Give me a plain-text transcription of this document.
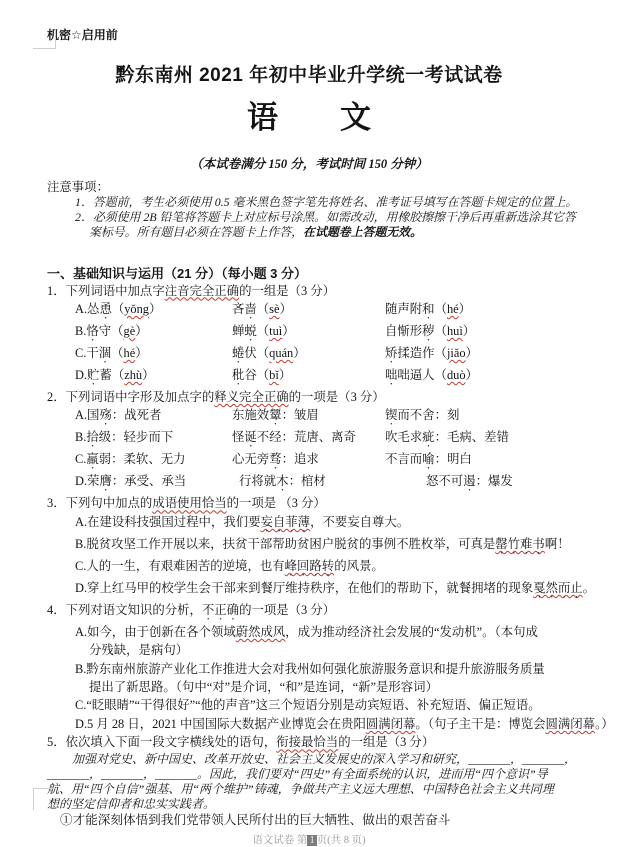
机密☆启用前
黔东南州 2021 年初中毕业升学统一考试试卷
语　　文
（本试卷满分 150 分，考试时间 150 分钟）
注意事项：
1．答题前，考生必须使用 0.5 毫米黑色签字笔先将姓名、准考证号填写在答题卡规定的位置上。
2．必须使用 2B 铅笔将答题卡上对应标号涂黑。如需改动，用橡胶擦擦干净后再重新选涂其它答
案标号。所有题目必须在答题卡上作答，在试题卷上答题无效。
一、基础知识与运用（21 分）（每小题 3 分）
1．下列词语中加点字注音完全正确的一组是（3 分）
A.怂恿（yǒng）	吝啬（sè）	随声附和（hé）
B.恪守（gè）	蝉蜕（tuì）	自惭形秽（huì）
C.干涸（hé）	蜷伏（quán）	矫揉造作（jiǎo）
D.贮蓄（zhù）	秕谷（bǐ）	咄咄逼人（duò）
2．下列词语中字形及加点字的释义完全正确的一项是（3 分）
A.国殇：战死者	东施效颦：皱眉	锲而不舍：刻
B.拾级：轻步而下	怪诞不经：荒唐、离奇	吹毛求疵：毛病、差错
C.羸弱：柔软、无力	心无旁骛：追求	不言而喻：明白
D.荣膺：承受、承当	行将就木：棺材	怒不可遏：爆发
3．下列句中加点的成语使用恰当的一项是 （3 分）
A.在建设科技强国过程中，我们要妄自菲薄，不要妄自尊大。
B.脱贫攻坚工作开展以来，扶贫干部帮助贫困户脱贫的事例不胜枚举，可真是罄竹难书啊！
C.人的一生，有艰难困苦的逆境，也有峰回路转的风景。
D.穿上红马甲的校学生会干部来到餐厅维持秩序，在他们的帮助下，就餐拥堵的现象戛然而止。
4．下列对语文知识的分析，不正确的一项是（3 分）
A.如今，由于创新在各个领域蔚然成风，成为推动经济社会发展的“发动机”。（本句成
分残缺，是病句）
B.黔东南州旅游产业化工作推进大会对我州如何强化旅游服务意识和提升旅游服务质量
提出了新思路。（句中“对”是介词，“和”是连词，“新”是形容词）
C.“眨眼睛”“干得很好”“他的声音”这三个短语分别是动宾短语、补充短语、偏正短语。
D.5 月 28 日，2021 中国国际大数据产业博览会在贵阳圆满闭幕。（句子主干是：博览会圆满闭幕。）
5．依次填入下面一段文字横线处的语句，衔接最恰当的一组是（3 分）
加强对党史、新中国史、改革开放史、社会主义发展史的深入学习和研究，_______，_______，
_______，_______，_______。因此，我们要对“四史”有全面系统的认识，进而用“四个意识”导
航、用“四个自信”强基、用“两个维护”铸魂，争做共产主义远大理想、中国特色社会主义共同理
想的坚定信仰者和忠实实践者。
①才能深刻体悟到我们党带领人民所付出的巨大牺牲、做出的艰苦奋斗
语文试卷 第 1 页(共 8 页)
